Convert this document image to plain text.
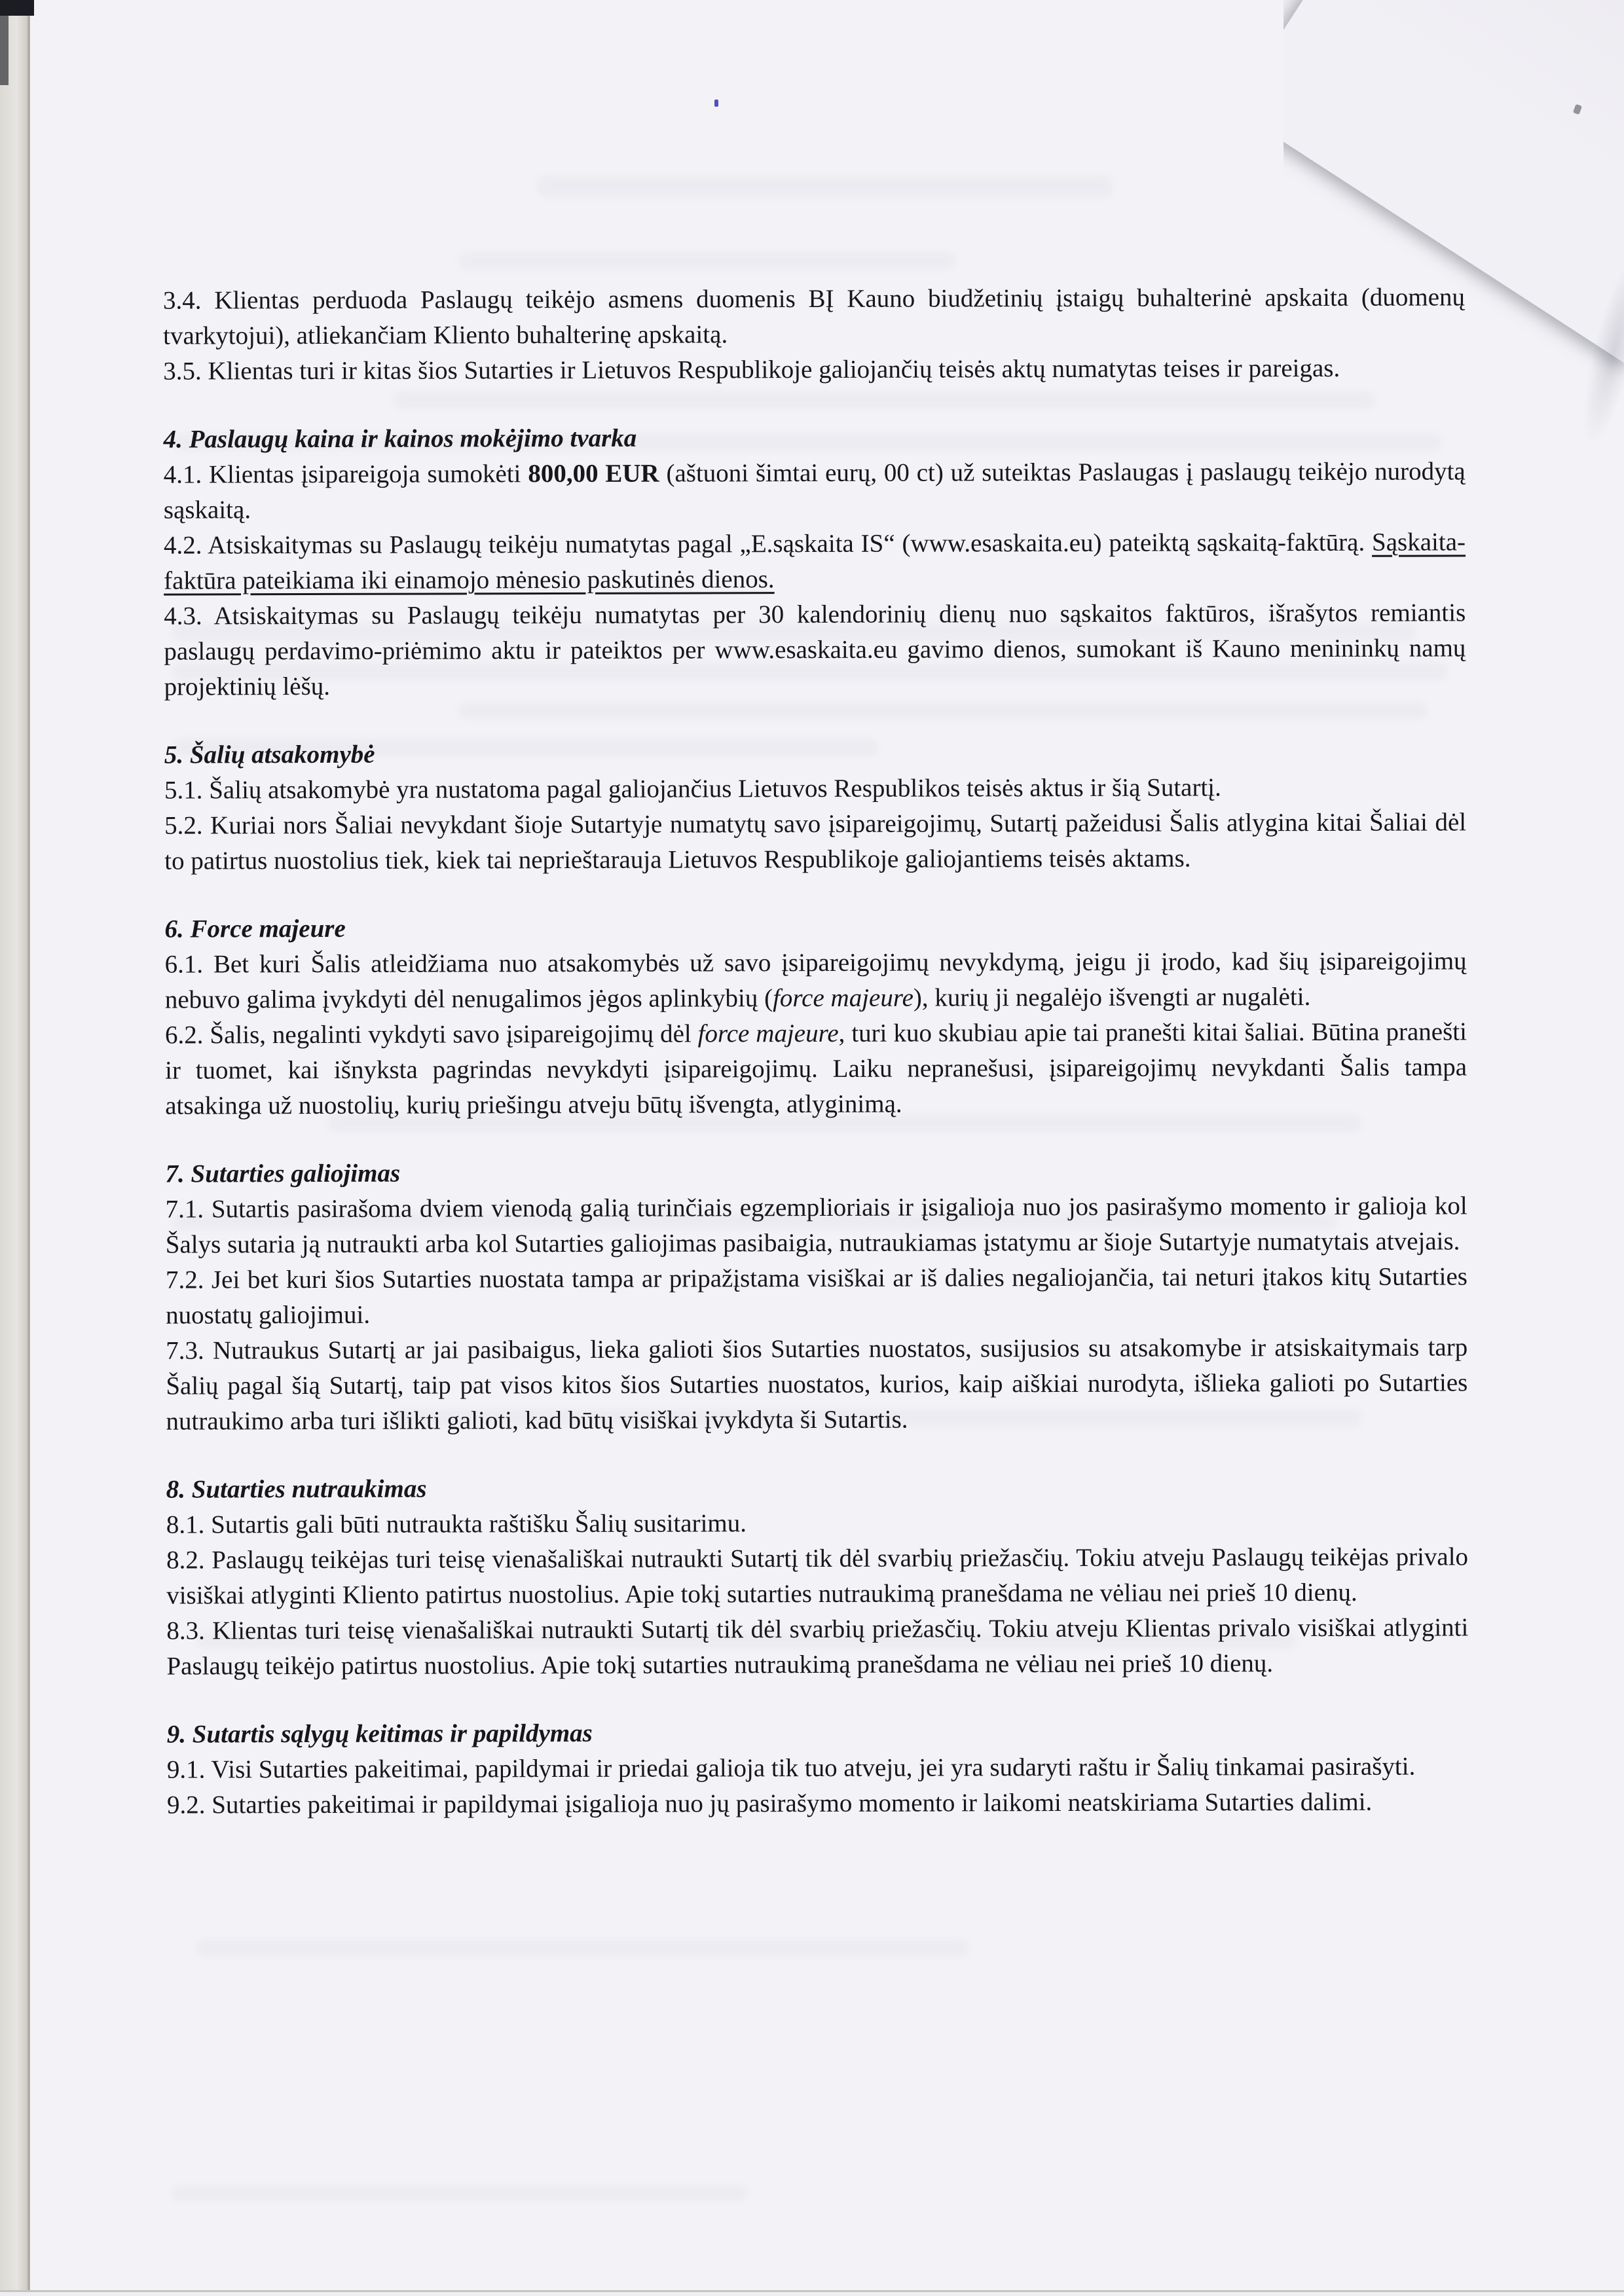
3.4. Klientas perduoda Paslaugų teikėjo asmens duomenis BĮ Kauno biudžetinių įstaigų buhalterinė apskaita (duomenų tvarkytojui), atliekančiam Kliento buhalterinę apskaitą.

3.5. Klientas turi ir kitas šios Sutarties ir Lietuvos Respublikoje galiojančių teisės aktų numatytas teises ir pareigas.

4. Paslaugų kaina ir kainos mokėjimo tvarka

4.1. Klientas įsipareigoja sumokėti 800,00 EUR (aštuoni šimtai eurų, 00 ct) už suteiktas Paslaugas į paslaugų teikėjo nurodytą sąskaitą.

4.2. Atsiskaitymas su Paslaugų teikėju numatytas pagal „E.sąskaita IS“ (www.esaskaita.eu) pateiktą sąskaitą-faktūrą. Sąskaita-faktūra pateikiama iki einamojo mėnesio paskutinės dienos.

4.3. Atsiskaitymas su Paslaugų teikėju numatytas per 30 kalendorinių dienų nuo sąskaitos faktūros, išrašytos remiantis paslaugų perdavimo-priėmimo aktu ir pateiktos per www.esaskaita.eu gavimo dienos, sumokant iš Kauno menininkų namų projektinių lėšų.

5. Šalių atsakomybė

5.1. Šalių atsakomybė yra nustatoma pagal galiojančius Lietuvos Respublikos teisės aktus ir šią Sutartį.

5.2. Kuriai nors Šaliai nevykdant šioje Sutartyje numatytų savo įsipareigojimų, Sutartį pažeidusi Šalis atlygina kitai Šaliai dėl to patirtus nuostolius tiek, kiek tai neprieštarauja Lietuvos Respublikoje galiojantiems teisės aktams.

6. Force majeure

6.1. Bet kuri Šalis atleidžiama nuo atsakomybės už savo įsipareigojimų nevykdymą, jeigu ji įrodo, kad šių įsipareigojimų nebuvo galima įvykdyti dėl nenugalimos jėgos aplinkybių (force majeure), kurių ji negalėjo išvengti ar nugalėti.

6.2. Šalis, negalinti vykdyti savo įsipareigojimų dėl force majeure, turi kuo skubiau apie tai pranešti kitai šaliai. Būtina pranešti ir tuomet, kai išnyksta pagrindas nevykdyti įsipareigojimų. Laiku nepranešusi, įsipareigojimų nevykdanti Šalis tampa atsakinga už nuostolių, kurių priešingu atveju būtų išvengta, atlyginimą.

7. Sutarties galiojimas

7.1. Sutartis pasirašoma dviem vienodą galią turinčiais egzemplioriais ir įsigalioja nuo jos pasirašymo momento ir galioja kol Šalys sutaria ją nutraukti arba kol Sutarties galiojimas pasibaigia, nutraukiamas įstatymu ar šioje Sutartyje numatytais atvejais.

7.2. Jei bet kuri šios Sutarties nuostata tampa ar pripažįstama visiškai ar iš dalies negaliojančia, tai neturi įtakos kitų Sutarties nuostatų galiojimui.

7.3. Nutraukus Sutartį ar jai pasibaigus, lieka galioti šios Sutarties nuostatos, susijusios su atsakomybe ir atsiskaitymais tarp Šalių pagal šią Sutartį, taip pat visos kitos šios Sutarties nuostatos, kurios, kaip aiškiai nurodyta, išlieka galioti po Sutarties nutraukimo arba turi išlikti galioti, kad būtų visiškai įvykdyta ši Sutartis.

8. Sutarties nutraukimas

8.1. Sutartis gali būti nutraukta raštišku Šalių susitarimu.

8.2. Paslaugų teikėjas turi teisę vienašališkai nutraukti Sutartį tik dėl svarbių priežasčių. Tokiu atveju Paslaugų teikėjas privalo visiškai atlyginti Kliento patirtus nuostolius. Apie tokį sutarties nutraukimą pranešdama ne vėliau nei prieš 10 dienų.

8.3. Klientas turi teisę vienašališkai nutraukti Sutartį tik dėl svarbių priežasčių. Tokiu atveju Klientas privalo visiškai atlyginti Paslaugų teikėjo patirtus nuostolius. Apie tokį sutarties nutraukimą pranešdama ne vėliau nei prieš 10 dienų.

9. Sutartis sąlygų keitimas ir papildymas

9.1. Visi Sutarties pakeitimai, papildymai ir priedai galioja tik tuo atveju, jei yra sudaryti raštu ir Šalių tinkamai pasirašyti.

9.2. Sutarties pakeitimai ir papildymai įsigalioja nuo jų pasirašymo momento ir laikomi neatskiriama Sutarties dalimi.
